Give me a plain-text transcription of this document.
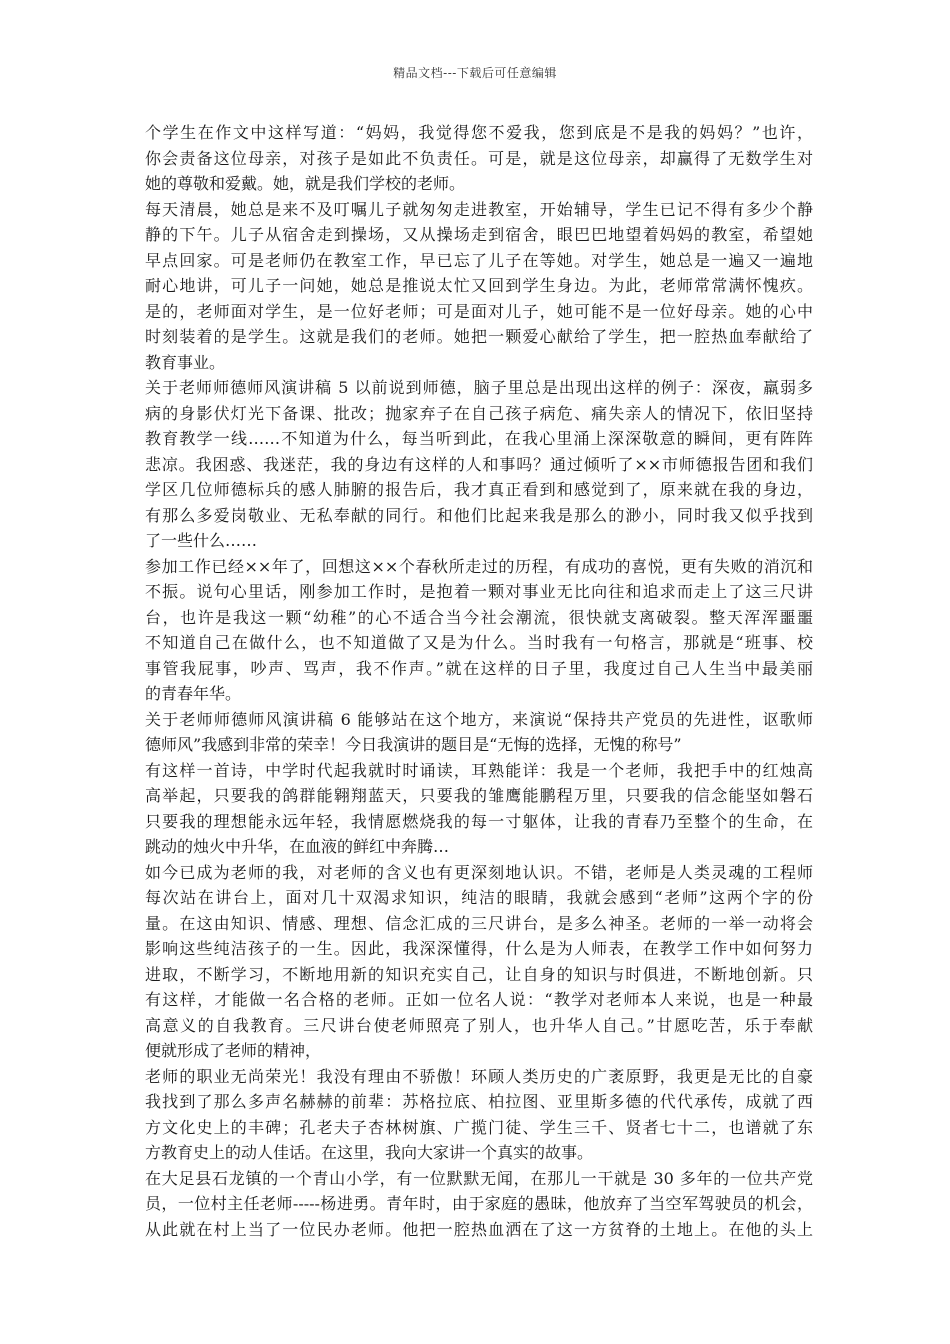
精品文档---下载后可任意编辑
个学生在作文中这样写道：“妈妈，我觉得您不爱我，您到底是不是我的妈妈？”也许，
你会责备这位母亲，对孩子是如此不负责任。可是，就是这位母亲，却赢得了无数学生对
她的尊敬和爱戴。她，就是我们学校的老师。
每天清晨，她总是来不及叮嘱儿子就匆匆走进教室，开始辅导，学生已记不得有多少个静
静的下午。儿子从宿舍走到操场，又从操场走到宿舍，眼巴巴地望着妈妈的教室，希望她
早点回家。可是老师仍在教室工作，早已忘了儿子在等她。对学生，她总是一遍又一遍地
耐心地讲，可儿子一问她，她总是推说太忙又回到学生身边。为此，老师常常满怀愧疚。
是的，老师面对学生，是一位好老师；可是面对儿子，她可能不是一位好母亲。她的心中
时刻装着的是学生。这就是我们的老师。她把一颗爱心献给了学生，把一腔热血奉献给了
教育事业。
关于老师师德师风演讲稿 5 以前说到师德，脑子里总是出现出这样的例子：深夜，羸弱多
病的身影伏灯光下备课、批改；抛家弃子在自己孩子病危、痛失亲人的情况下，依旧坚持
教育教学一线……不知道为什么，每当听到此，在我心里涌上深深敬意的瞬间，更有阵阵
悲凉。我困惑、我迷茫，我的身边有这样的人和事吗？通过倾听了××市师德报告团和我们
学区几位师德标兵的感人肺腑的报告后，我才真正看到和感觉到了，原来就在我的身边，
有那么多爱岗敬业、无私奉献的同行。和他们比起来我是那么的渺小，同时我又似乎找到
了一些什么……
参加工作已经××年了，回想这××个春秋所走过的历程，有成功的喜悦，更有失败的消沉和
不振。说句心里话，刚参加工作时，是抱着一颗对事业无比向往和追求而走上了这三尺讲
台，也许是我这一颗“幼稚”的心不适合当今社会潮流，很快就支离破裂。整天浑浑噩噩
不知道自己在做什么，也不知道做了又是为什么。当时我有一句格言，那就是“班事、校
事管我屁事，吵声、骂声，我不作声。”就在这样的日子里，我度过自己人生当中最美丽
的青春年华。
关于老师师德师风演讲稿 6 能够站在这个地方，来演说“保持共产党员的先进性，讴歌师
德师风”我感到非常的荣幸！今日我演讲的题目是“无悔的选择，无愧的称号”
有这样一首诗，中学时代起我就时时诵读，耳熟能详：我是一个老师，我把手中的红烛高
高举起，只要我的鸽群能翱翔蓝天，只要我的雏鹰能鹏程万里，只要我的信念能坚如磐石
只要我的理想能永远年轻，我情愿燃烧我的每一寸躯体，让我的青春乃至整个的生命，在
跳动的烛火中升华，在血液的鲜红中奔腾…
如今已成为老师的我，对老师的含义也有更深刻地认识。不错，老师是人类灵魂的工程师
每次站在讲台上，面对几十双渴求知识，纯洁的眼睛，我就会感到“老师”这两个字的份
量。在这由知识、情感、理想、信念汇成的三尺讲台，是多么神圣。老师的一举一动将会
影响这些纯洁孩子的一生。因此，我深深懂得，什么是为人师表，在教学工作中如何努力
进取，不断学习，不断地用新的知识充实自己，让自身的知识与时俱进，不断地创新。只
有这样，才能做一名合格的老师。正如一位名人说：“教学对老师本人来说，也是一种最
高意义的自我教育。三尺讲台使老师照亮了别人，也升华人自己。”甘愿吃苦，乐于奉献
便就形成了老师的精神，
老师的职业无尚荣光！我没有理由不骄傲！环顾人类历史的广袤原野，我更是无比的自豪
我找到了那么多声名赫赫的前辈：苏格拉底、柏拉图、亚里斯多德的代代承传，成就了西
方文化史上的丰碑；孔老夫子杏林树旗、广揽门徒、学生三千、贤者七十二，也谱就了东
方教育史上的动人佳话。在这里，我向大家讲一个真实的故事。
在大足县石龙镇的一个青山小学，有一位默默无闻，在那儿一干就是 30 多年的一位共产党
员，一位村主任老师-----杨进勇。青年时，由于家庭的愚昧，他放弃了当空军驾驶员的机会，
从此就在村上当了一位民办老师。他把一腔热血洒在了这一方贫脊的土地上。在他的头上
